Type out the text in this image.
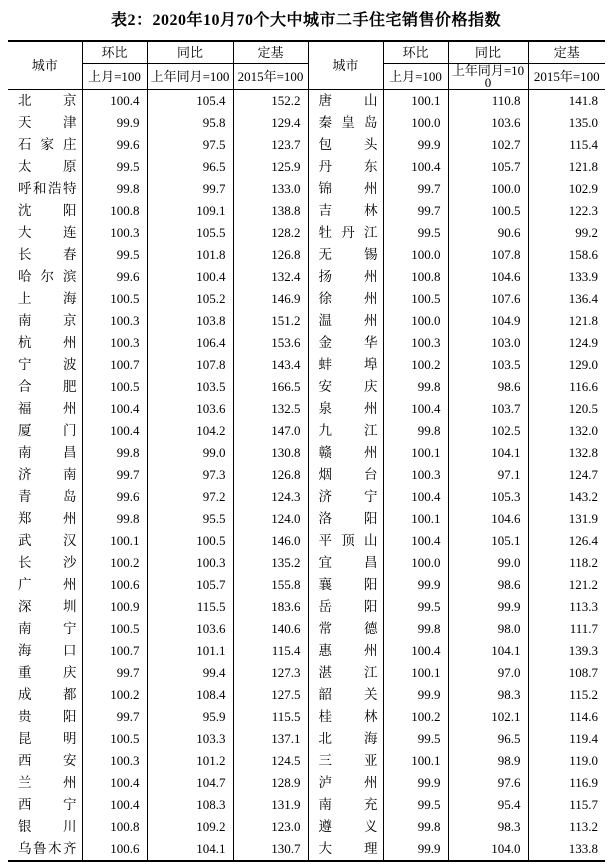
表2：2020年10月70个大中城市二手住宅销售价格指数
城市	环比	同比	定基	城市	环比	同比	定基
	上月=100	上年同月=100	2015年=100		上月=100	上年同月=100	2015年=100
北京	100.4	105.4	152.2	唐山	100.1	110.8	141.8
天津	99.9	95.8	129.4	秦皇岛	100.0	103.6	135.0
石家庄	99.6	97.5	123.7	包头	99.9	102.7	115.4
太原	99.5	96.5	125.9	丹东	100.4	105.7	121.8
呼和浩特	99.8	99.7	133.0	锦州	99.7	100.0	102.9
沈阳	100.8	109.1	138.8	吉林	99.7	100.5	122.3
大连	100.3	105.5	128.2	牡丹江	99.5	90.6	99.2
长春	99.5	101.8	126.8	无锡	100.0	107.8	158.6
哈尔滨	99.6	100.4	132.4	扬州	100.8	104.6	133.9
上海	100.5	105.2	146.9	徐州	100.5	107.6	136.4
南京	100.3	103.8	151.2	温州	100.0	104.9	121.8
杭州	100.3	106.4	153.6	金华	100.3	103.0	124.9
宁波	100.7	107.8	143.4	蚌埠	100.2	103.5	129.0
合肥	100.5	103.5	166.5	安庆	99.8	98.6	116.6
福州	100.4	103.6	132.5	泉州	100.4	103.7	120.5
厦门	100.4	104.2	147.0	九江	99.8	102.5	132.0
南昌	99.8	99.0	130.8	赣州	100.1	104.1	132.8
济南	99.7	97.3	126.8	烟台	100.3	97.1	124.7
青岛	99.6	97.2	124.3	济宁	100.4	105.3	143.2
郑州	99.8	95.5	124.0	洛阳	100.1	104.6	131.9
武汉	100.1	100.5	146.0	平顶山	100.4	105.1	126.4
长沙	100.2	100.3	135.2	宜昌	100.0	99.0	118.2
广州	100.6	105.7	155.8	襄阳	99.9	98.6	121.2
深圳	100.9	115.5	183.6	岳阳	99.5	99.9	113.3
南宁	100.5	103.6	140.6	常德	99.8	98.0	111.7
海口	100.7	101.1	115.4	惠州	100.4	104.1	139.3
重庆	99.7	99.4	127.3	湛江	100.1	97.0	108.7
成都	100.2	108.4	127.5	韶关	99.9	98.3	115.2
贵阳	99.7	95.9	115.5	桂林	100.2	102.1	114.6
昆明	100.5	103.3	137.1	北海	99.5	96.5	119.4
西安	100.3	101.2	124.5	三亚	100.1	98.9	119.0
兰州	100.4	104.7	128.9	泸州	99.9	97.6	116.9
西宁	100.4	108.3	131.9	南充	99.5	95.4	115.7
银川	100.8	109.2	123.0	遵义	99.8	98.3	113.2
乌鲁木齐	100.6	104.1	130.7	大理	99.9	104.0	133.8
